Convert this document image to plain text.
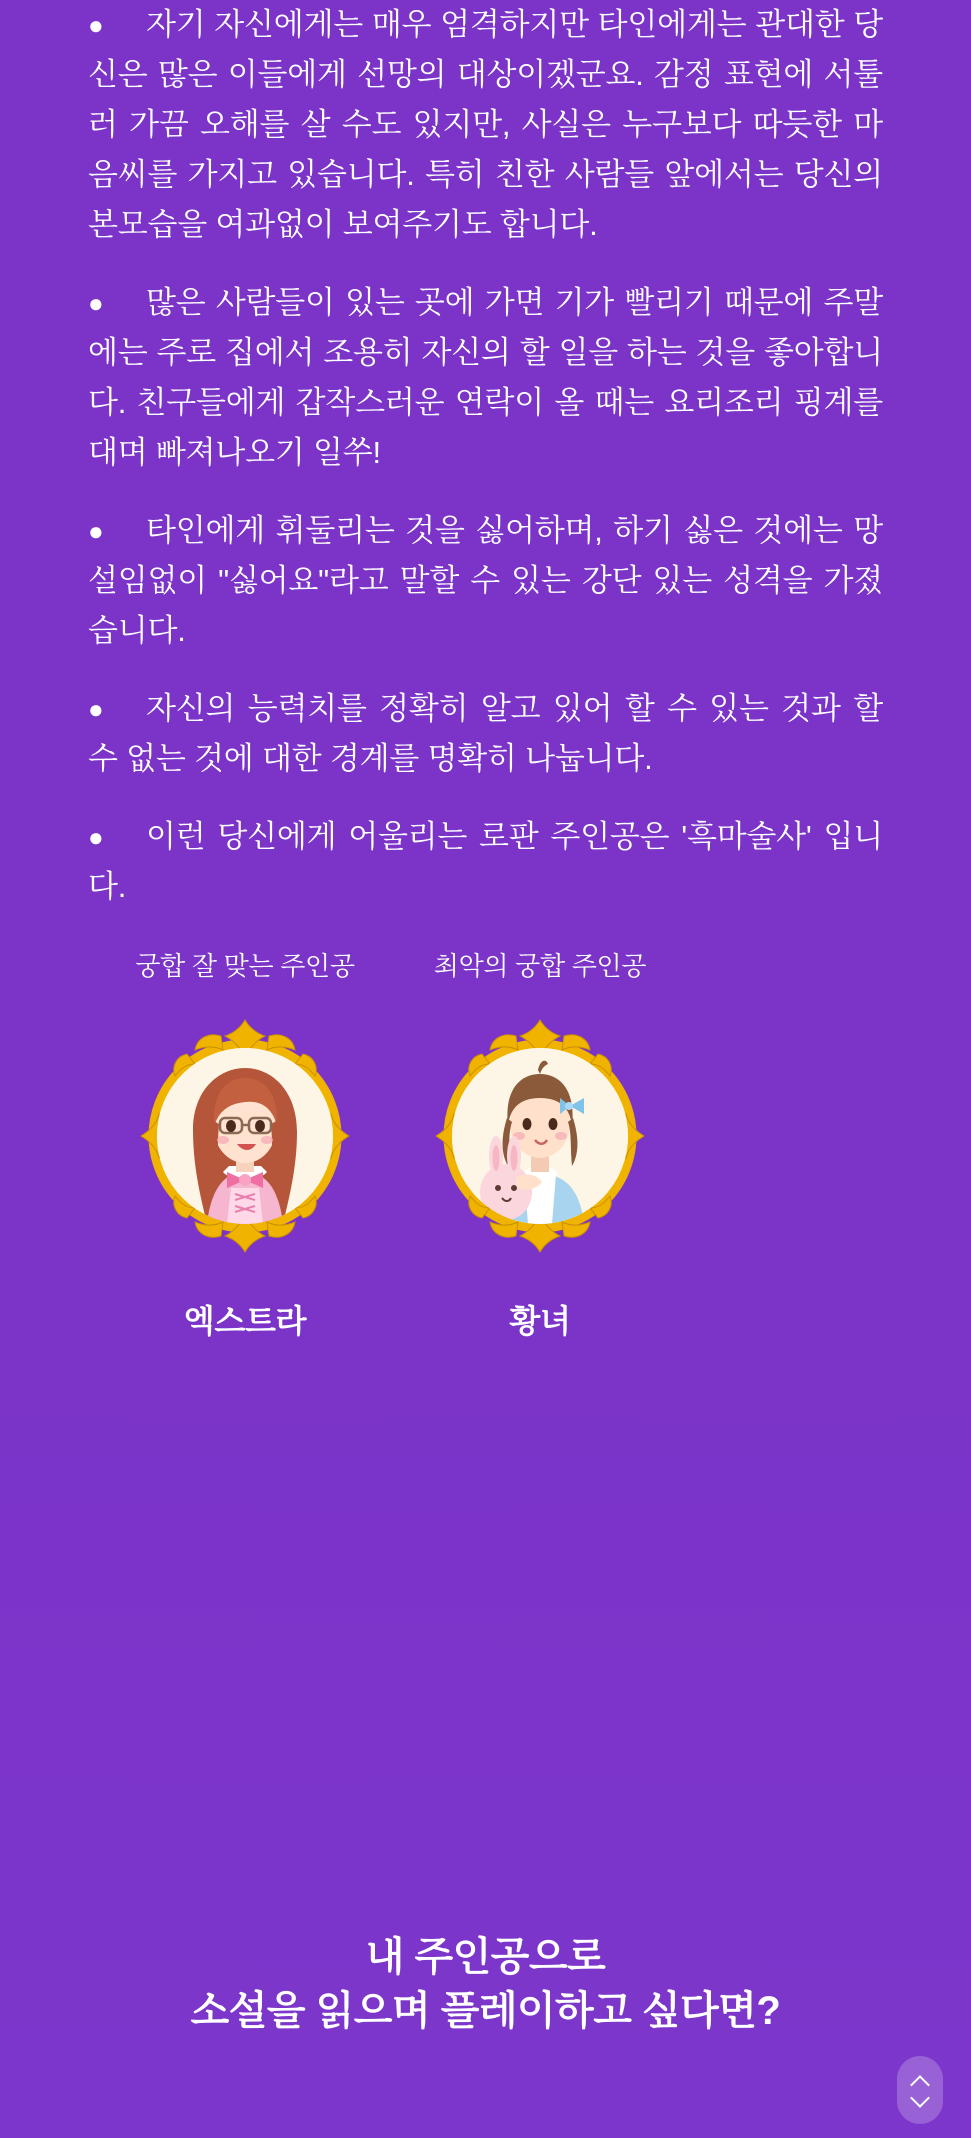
● 자기 자신에게는 매우 엄격하지만 타인에게는 관대한 당신은 많은 이들에게 선망의 대상이겠군요. 감정 표현에 서툴러 가끔 오해를 살 수도 있지만, 사실은 누구보다 따듯한 마음씨를 가지고 있습니다. 특히 친한 사람들 앞에서는 당신의 본모습을 여과없이 보여주기도 합니다.
● 많은 사람들이 있는 곳에 가면 기가 빨리기 때문에 주말에는 주로 집에서 조용히 자신의 할 일을 하는 것을 좋아합니다. 친구들에게 갑작스러운 연락이 올 때는 요리조리 핑계를 대며 빠져나오기 일쑤!
● 타인에게 휘둘리는 것을 싫어하며, 하기 싫은 것에는 망설임없이 "싫어요"라고 말할 수 있는 강단 있는 성격을 가졌습니다.
● 자신의 능력치를 정확히 알고 있어 할 수 있는 것과 할 수 없는 것에 대한 경계를 명확히 나눕니다.
● 이런 당신에게 어울리는 로판 주인공은 '흑마술사' 입니다.
궁합 잘 맞는 주인공
엑스트라
최악의 궁합 주인공
황녀
내 주인공으로
소설을 읽으며 플레이하고 싶다면?
